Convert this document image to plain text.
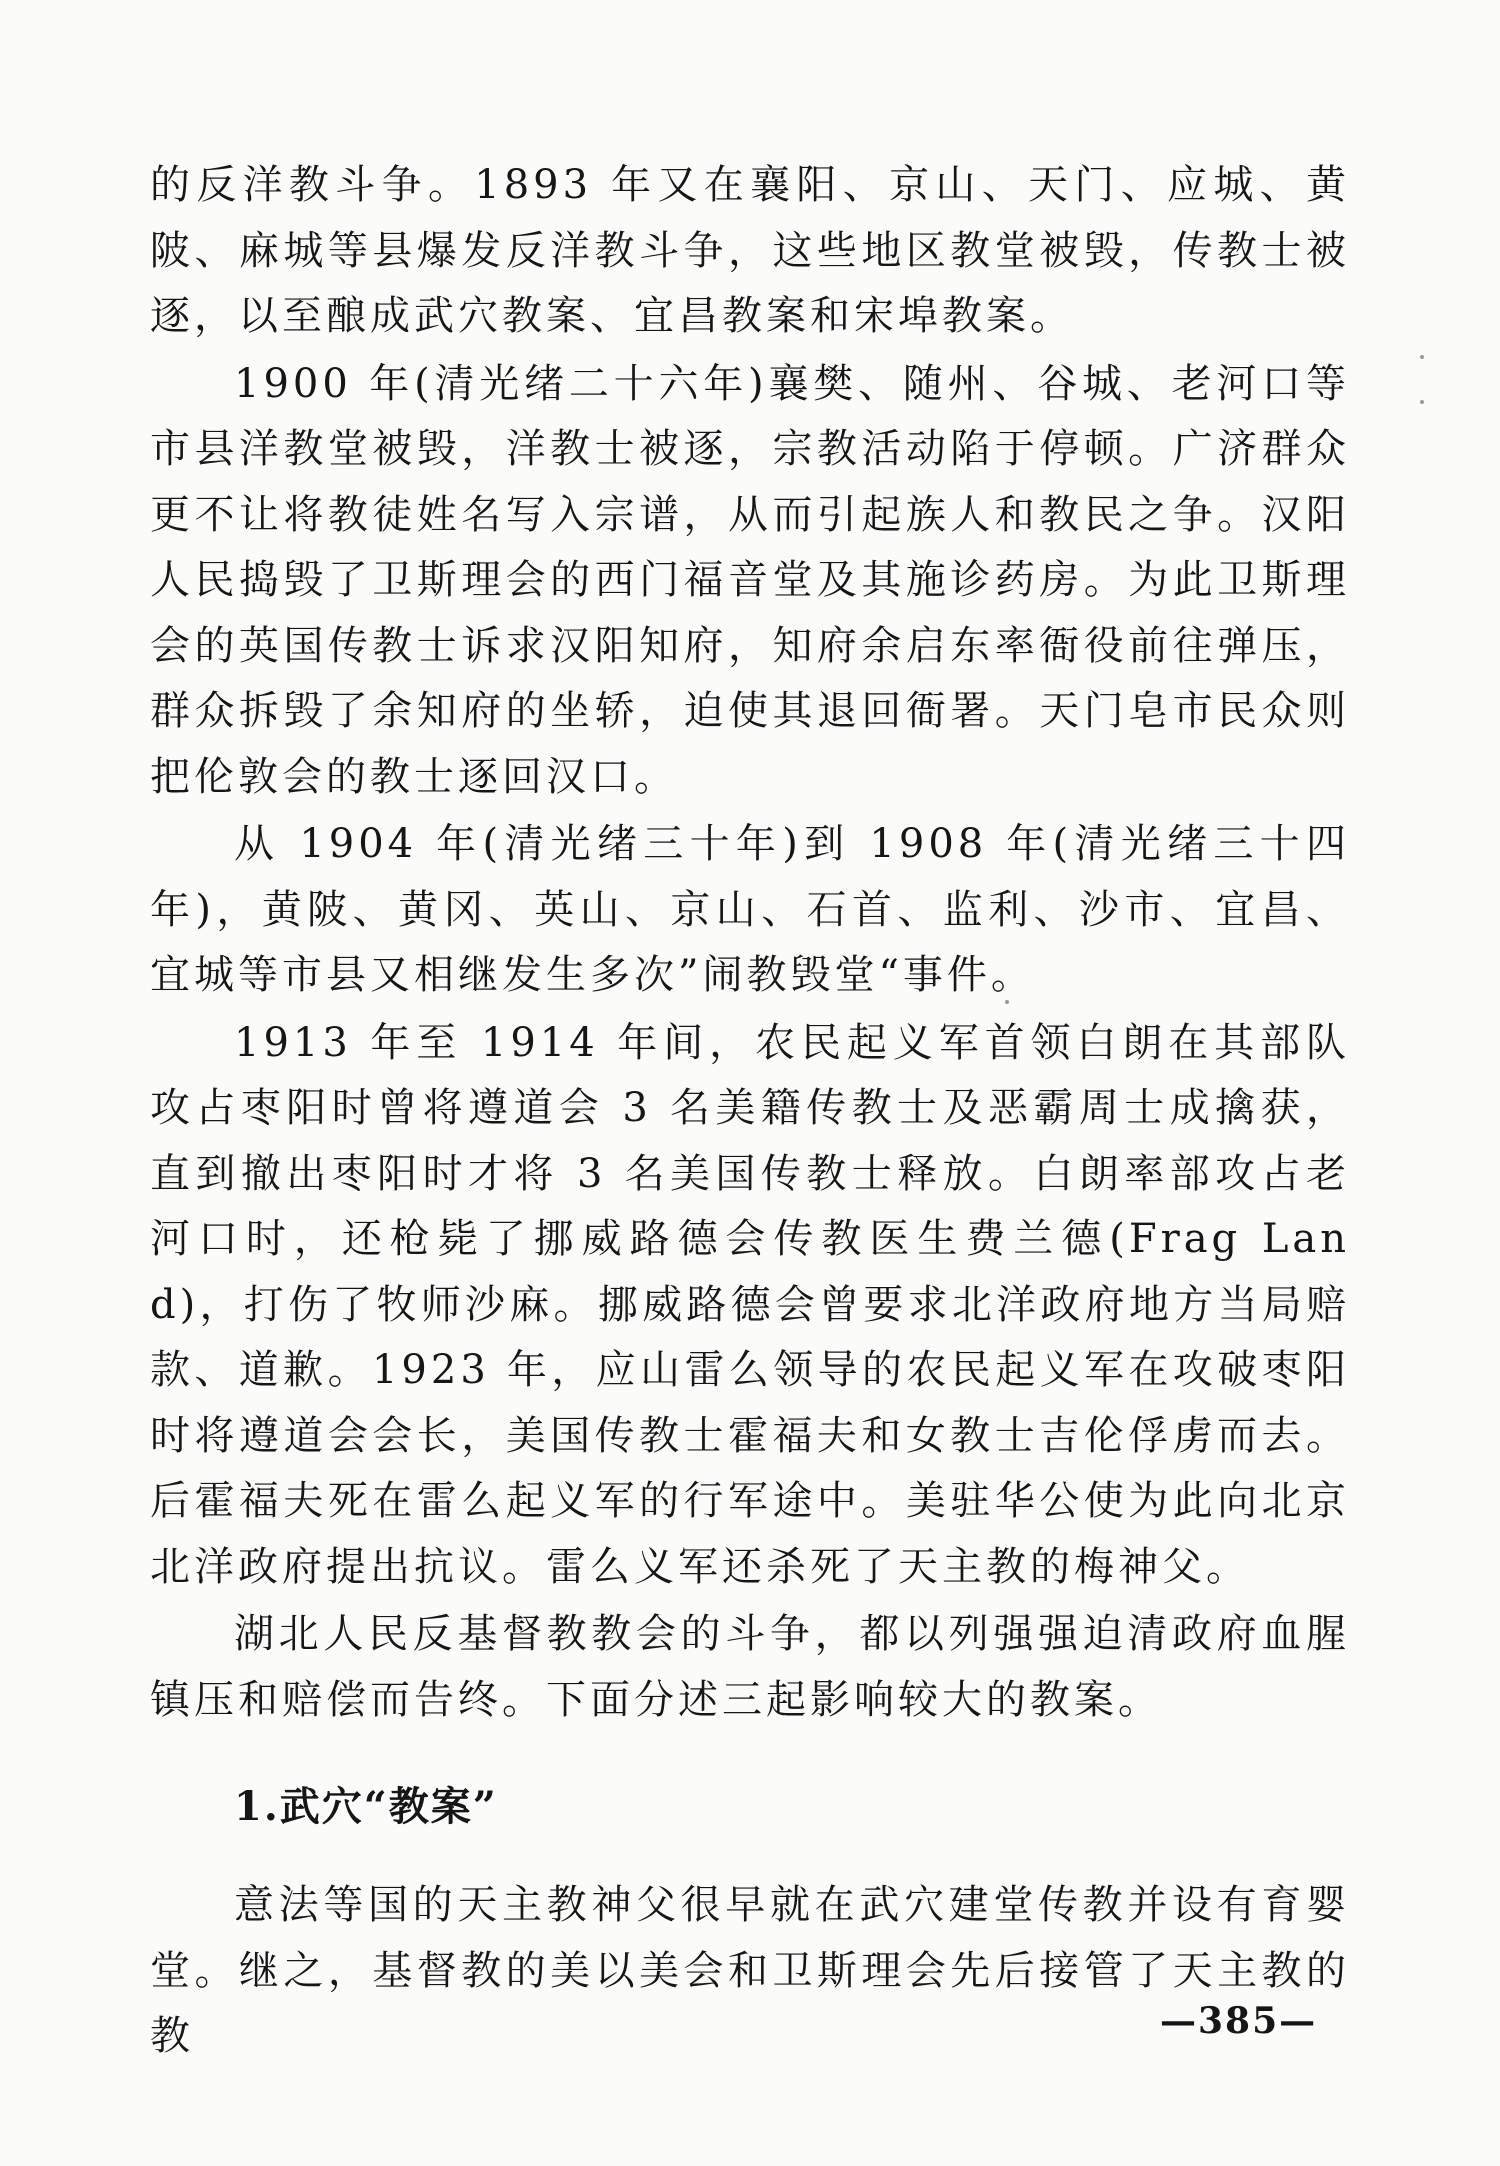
的反洋教斗争。1893 年又在襄阳、京山、天门、应城、黄陂、麻城等县爆发反洋教斗争，这些地区教堂被毁，传教士被逐，以至酿成武穴教案、宜昌教案和宋埠教案。

1900 年(清光绪二十六年)襄樊、随州、谷城、老河口等市县洋教堂被毁，洋教士被逐，宗教活动陷于停顿。广济群众更不让将教徒姓名写入宗谱，从而引起族人和教民之争。汉阳人民捣毁了卫斯理会的西门福音堂及其施诊药房。为此卫斯理会的英国传教士诉求汉阳知府，知府余启东率衙役前往弹压，群众拆毁了余知府的坐轿，迫使其退回衙署。天门皂市民众则把伦敦会的教士逐回汉口。

从 1904 年(清光绪三十年)到 1908 年(清光绪三十四年)，黄陂、黄冈、英山、京山、石首、监利、沙市、宜昌、宜城等市县又相继发生多次”闹教毁堂“事件。

1913 年至 1914 年间，农民起义军首领白朗在其部队攻占枣阳时曾将遵道会 3 名美籍传教士及恶霸周士成擒获，直到撤出枣阳时才将 3 名美国传教士释放。白朗率部攻占老河口时，还枪毙了挪威路德会传教医生费兰德(Frag Land)，打伤了牧师沙麻。挪威路德会曾要求北洋政府地方当局赔款、道歉。1923 年，应山雷么领导的农民起义军在攻破枣阳时将遵道会会长，美国传教士霍福夫和女教士吉伦俘虏而去。后霍福夫死在雷么起义军的行军途中。美驻华公使为此向北京北洋政府提出抗议。雷么义军还杀死了天主教的梅神父。

湖北人民反基督教教会的斗争，都以列强强迫清政府血腥镇压和赔偿而告终。下面分述三起影响较大的教案。

1.武穴“教案”

意法等国的天主教神父很早就在武穴建堂传教并设有育婴堂。继之，基督教的美以美会和卫斯理会先后接管了天主教的教	—385—
